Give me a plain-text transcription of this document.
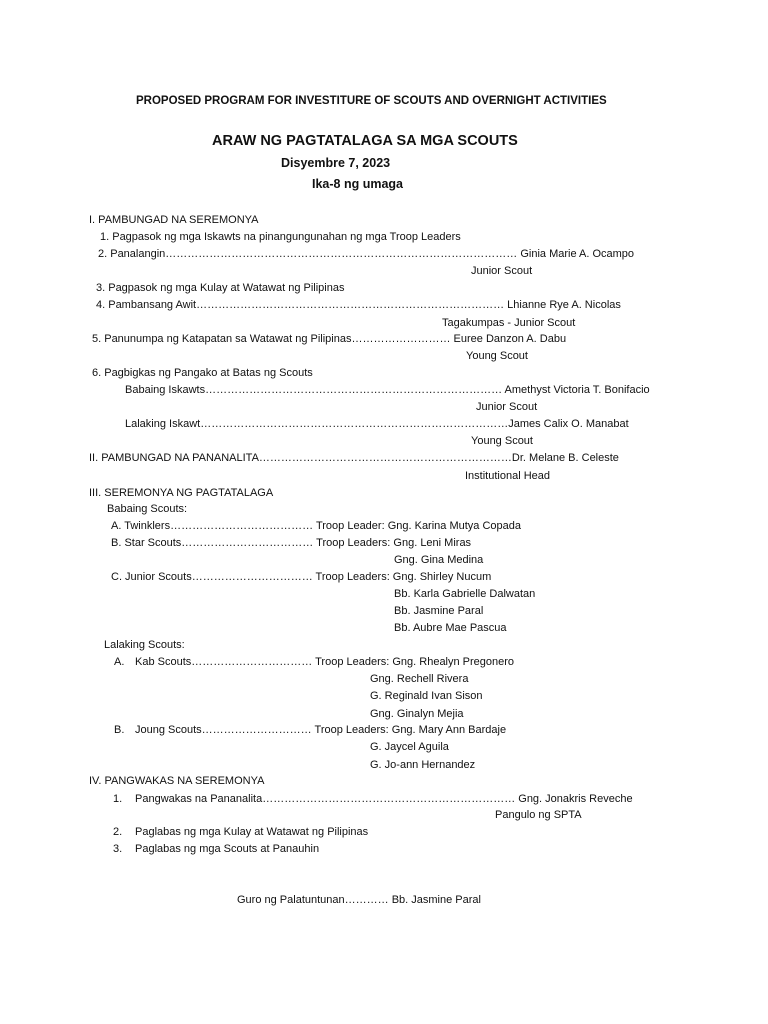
PROPOSED PROGRAM FOR INVESTITURE OF SCOUTS AND OVERNIGHT ACTIVITIES
ARAW NG PAGTATALAGA SA MGA SCOUTS
Disyembre 7, 2023
Ika-8 ng umaga
I. PAMBUNGAD NA SEREMONYA
1. Pagpasok ng mga Iskawts na pinangungunahan ng mga Troop Leaders
2. Panalangin…………………………………………………………………………………… Ginia Marie A. Ocampo
Junior Scout
3. Pagpasok ng mga Kulay at Watawat ng Pilipinas
4. Pambansang Awit………………………………………………………………………… Lhianne Rye A. Nicolas
Tagakumpas - Junior Scout
5. Panunumpa ng Katapatan sa Watawat ng Pilipinas……………………… Euree Danzon A. Dabu
Young Scout
6. Pagbigkas ng Pangako at Batas ng Scouts
Babaing Iskawts……………………………………………………………………… Amethyst Victoria T. Bonifacio
Junior Scout
Lalaking Iskawt…………………………………………………………………………James Calix O. Manabat
Young Scout
II. PAMBUNGAD NA PANANALITA……………………………………………………………Dr. Melane B. Celeste
Institutional Head
III. SEREMONYA NG PAGTATALAGA
Babaing Scouts:
A. Twinklers………………………………… Troop Leader: Gng. Karina Mutya Copada
B. Star Scouts……………………………… Troop Leaders: Gng. Leni Miras
Gng. Gina Medina
C. Junior Scouts…………………………… Troop Leaders: Gng. Shirley Nucum
Bb. Karla Gabrielle Dalwatan
Bb. Jasmine Paral
Bb. Aubre Mae Pascua
Lalaking Scouts:
A. Kab Scouts…………………………… Troop Leaders: Gng. Rhealyn Pregonero
Gng. Rechell Rivera
G. Reginald Ivan Sison
Gng. Ginalyn Mejia
B. Joung Scouts………………………… Troop Leaders: Gng. Mary Ann Bardaje
G. Jaycel Aguila
G. Jo-ann Hernandez
IV. PANGWAKAS NA SEREMONYA
1. Pangwakas na Pananalita…………………………………………………………… Gng. Jonakris Reveche
Pangulo ng SPTA
2. Paglabas ng mga Kulay at Watawat ng Pilipinas
3. Paglabas ng mga Scouts at Panauhin
Guro ng Palatuntunan………… Bb. Jasmine Paral
